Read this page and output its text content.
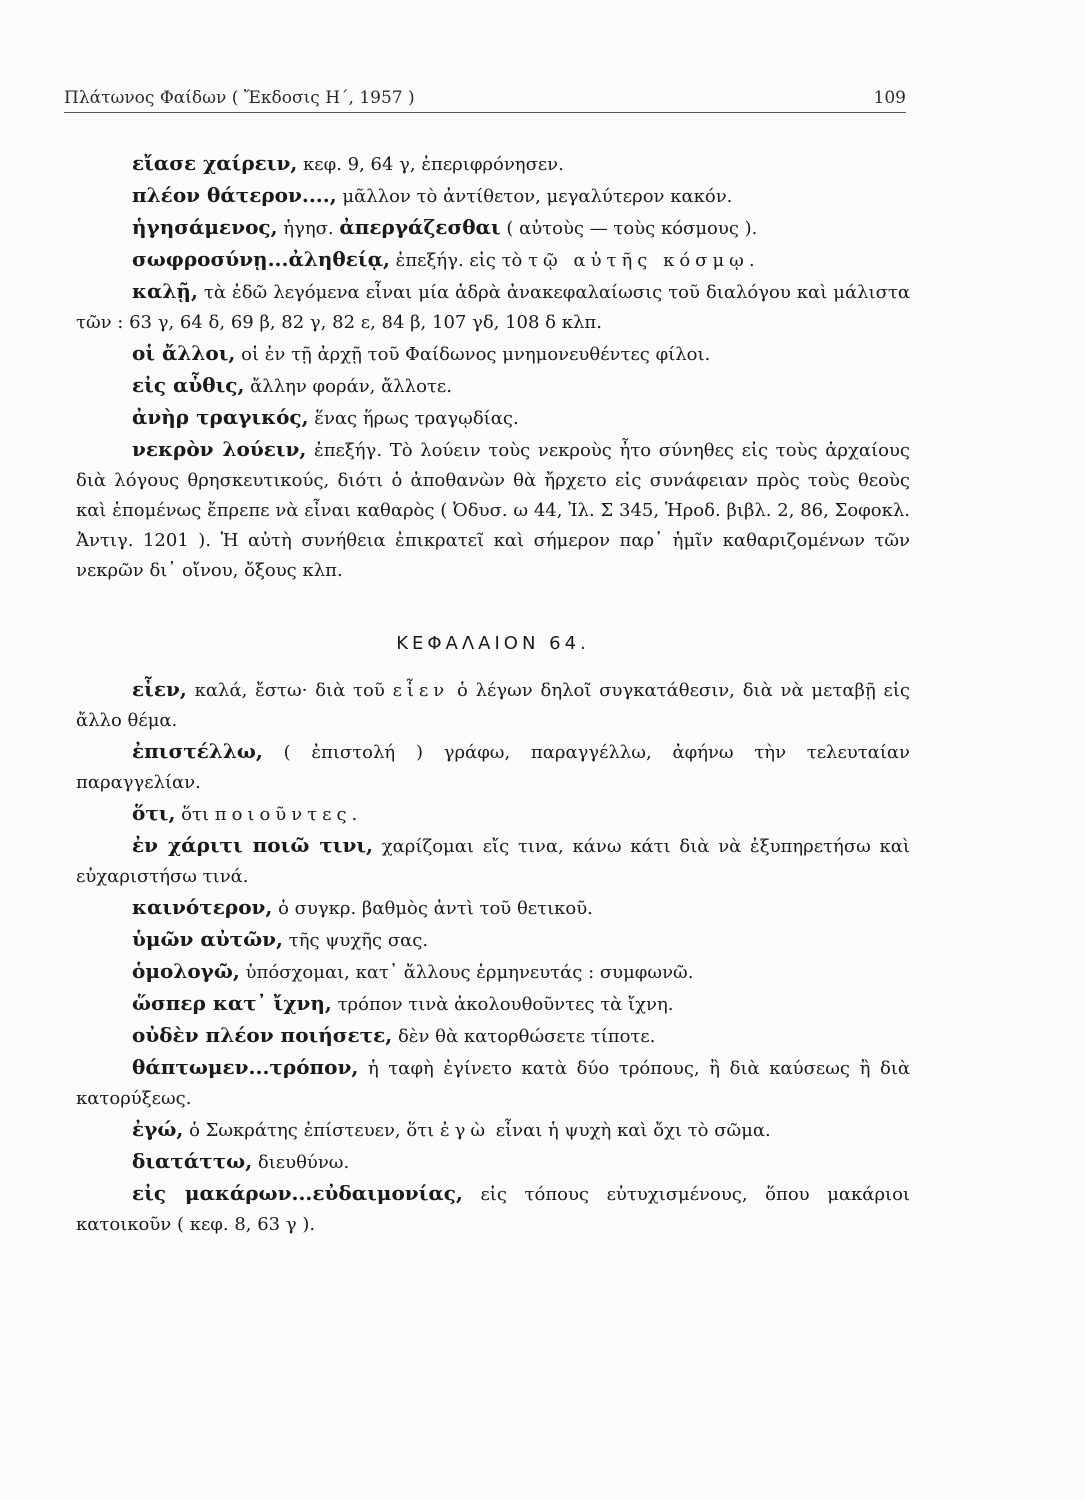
Πλάτωνος Φαίδων ( Ἔκδοσις Η΄, 1957 )	109
εἴασε χαίρειν, κεφ. 9, 64 γ, ἐπεριφρόνησεν.
πλέον θάτερον...., μᾶλλον τὸ ἀντίθετον, μεγαλύτερον κακόν.
ἡγησάμενος, ἡγησ. ἀπεργάζεσθαι ( αὐτοὺς — τοὺς κόσμους ).
σωφροσύνῃ...ἀληθείᾳ, ἐπεξήγ. εἰς τὸ τῷ αὐτῆς κόσμῳ.
καλῇ, τὰ ἐδῶ λεγόμενα εἶναι μία ἁδρὰ ἀνακεφαλαίωσις τοῦ διαλόγου καὶ μάλιστα τῶν : 63 γ, 64 δ, 69 β, 82 γ, 82 ε, 84 β, 107 γδ, 108 δ κλπ.
οἱ ἄλλοι, οἱ ἐν τῇ ἀρχῇ τοῦ Φαίδωνος μνημονευθέντες φίλοι.
εἰς αὖθις, ἄλλην φοράν, ἄλλοτε.
ἀνὴρ τραγικός, ἕνας ἥρως τραγῳδίας.
νεκρὸν λούειν, ἐπεξήγ. Τὸ λούειν τοὺς νεκροὺς ἦτο σύνηθες εἰς τοὺς ἀρχαίους διὰ λόγους θρησκευτικούς, διότι ὁ ἀποθανὼν θὰ ἤρχετο εἰς συνάφειαν πρὸς τοὺς θεοὺς καὶ ἑπομένως ἔπρεπε νὰ εἶναι καθαρὸς ( Ὀδυσ. ω 44, Ἰλ. Σ 345, Ἡροδ. βιβλ. 2, 86, Σοφοκλ. Ἀντιγ. 1201 ). Ἡ αὐτὴ συνήθεια ἐπικρατεῖ καὶ σήμερον παρ᾽ ἡμῖν καθαριζομένων τῶν νεκρῶν δι᾽ οἴνου, ὄξους κλπ.
ΚΕΦΑΛΑΙΟΝ 64.
εἶεν, καλά, ἔστω· διὰ τοῦ εἶεν ὁ λέγων δηλοῖ συγκατάθεσιν, διὰ νὰ μεταβῇ εἰς ἄλλο θέμα.
ἐπιστέλλω, ( ἐπιστολή ) γράφω, παραγγέλλω, ἀφήνω τὴν τελευταίαν παραγγελίαν.
ὅτι, ὅτι ποιοῦντες.
ἐν χάριτι ποιῶ τινι, χαρίζομαι εἴς τινα, κάνω κάτι διὰ νὰ ἐξυπηρετήσω καὶ εὐχαριστήσω τινά.
καινότερον, ὁ συγκρ. βαθμὸς ἀντὶ τοῦ θετικοῦ.
ὑμῶν αὐτῶν, τῆς ψυχῆς σας.
ὁμολογῶ, ὑπόσχομαι, κατ᾽ ἄλλους ἑρμηνευτάς : συμφωνῶ.
ὥσπερ κατ᾽ ἴχνη, τρόπον τινὰ ἀκολουθοῦντες τὰ ἴχνη.
οὐδὲν πλέον ποιήσετε, δὲν θὰ κατορθώσετε τίποτε.
θάπτωμεν...τρόπον, ἡ ταφὴ ἐγίνετο κατὰ δύο τρόπους, ἢ διὰ καύσεως ἢ διὰ κατορύξεως.
ἐγώ, ὁ Σωκράτης ἐπίστευεν, ὅτι ἐγὼ εἶναι ἡ ψυχὴ καὶ ὄχι τὸ σῶμα.
διατάττω, διευθύνω.
εἰς μακάρων...εὐδαιμονίας, εἰς τόπους εὐτυχισμένους, ὅπου μακάριοι κατοικοῦν ( κεφ. 8, 63 γ ).
